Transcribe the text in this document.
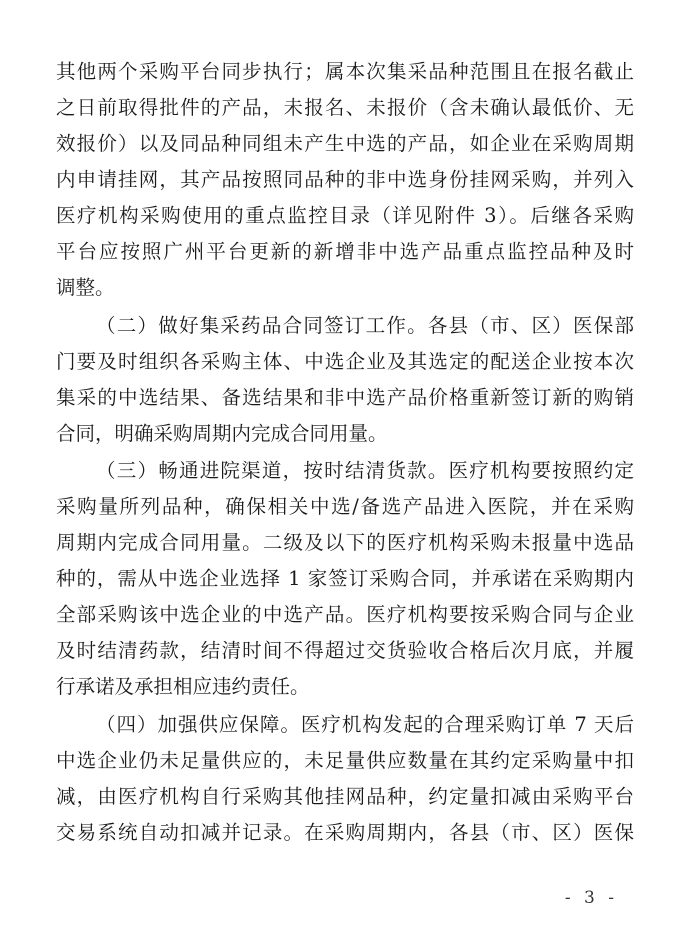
其他两个采购平台同步执行；属本次集采品种范围且在报名截止
之日前取得批件的产品，未报名、未报价（含未确认最低价、无
效报价）以及同品种同组未产生中选的产品，如企业在采购周期
内申请挂网，其产品按照同品种的非中选身份挂网采购，并列入
医疗机构采购使用的重点监控目录（详见附件 3）。后继各采购
平台应按照广州平台更新的新增非中选产品重点监控品种及时
调整。
（二）做好集采药品合同签订工作。各县（市、区）医保部
门要及时组织各采购主体、中选企业及其选定的配送企业按本次
集采的中选结果、备选结果和非中选产品价格重新签订新的购销
合同，明确采购周期内完成合同用量。
（三）畅通进院渠道，按时结清货款。医疗机构要按照约定
采购量所列品种，确保相关中选/备选产品进入医院，并在采购
周期内完成合同用量。二级及以下的医疗机构采购未报量中选品
种的，需从中选企业选择 1 家签订采购合同，并承诺在采购期内
全部采购该中选企业的中选产品。医疗机构要按采购合同与企业
及时结清药款，结清时间不得超过交货验收合格后次月底，并履
行承诺及承担相应违约责任。
（四）加强供应保障。医疗机构发起的合理采购订单 7 天后
中选企业仍未足量供应的，未足量供应数量在其约定采购量中扣
减，由医疗机构自行采购其他挂网品种，约定量扣减由采购平台
交易系统自动扣减并记录。在采购周期内，各县（市、区）医保
- 3 -
